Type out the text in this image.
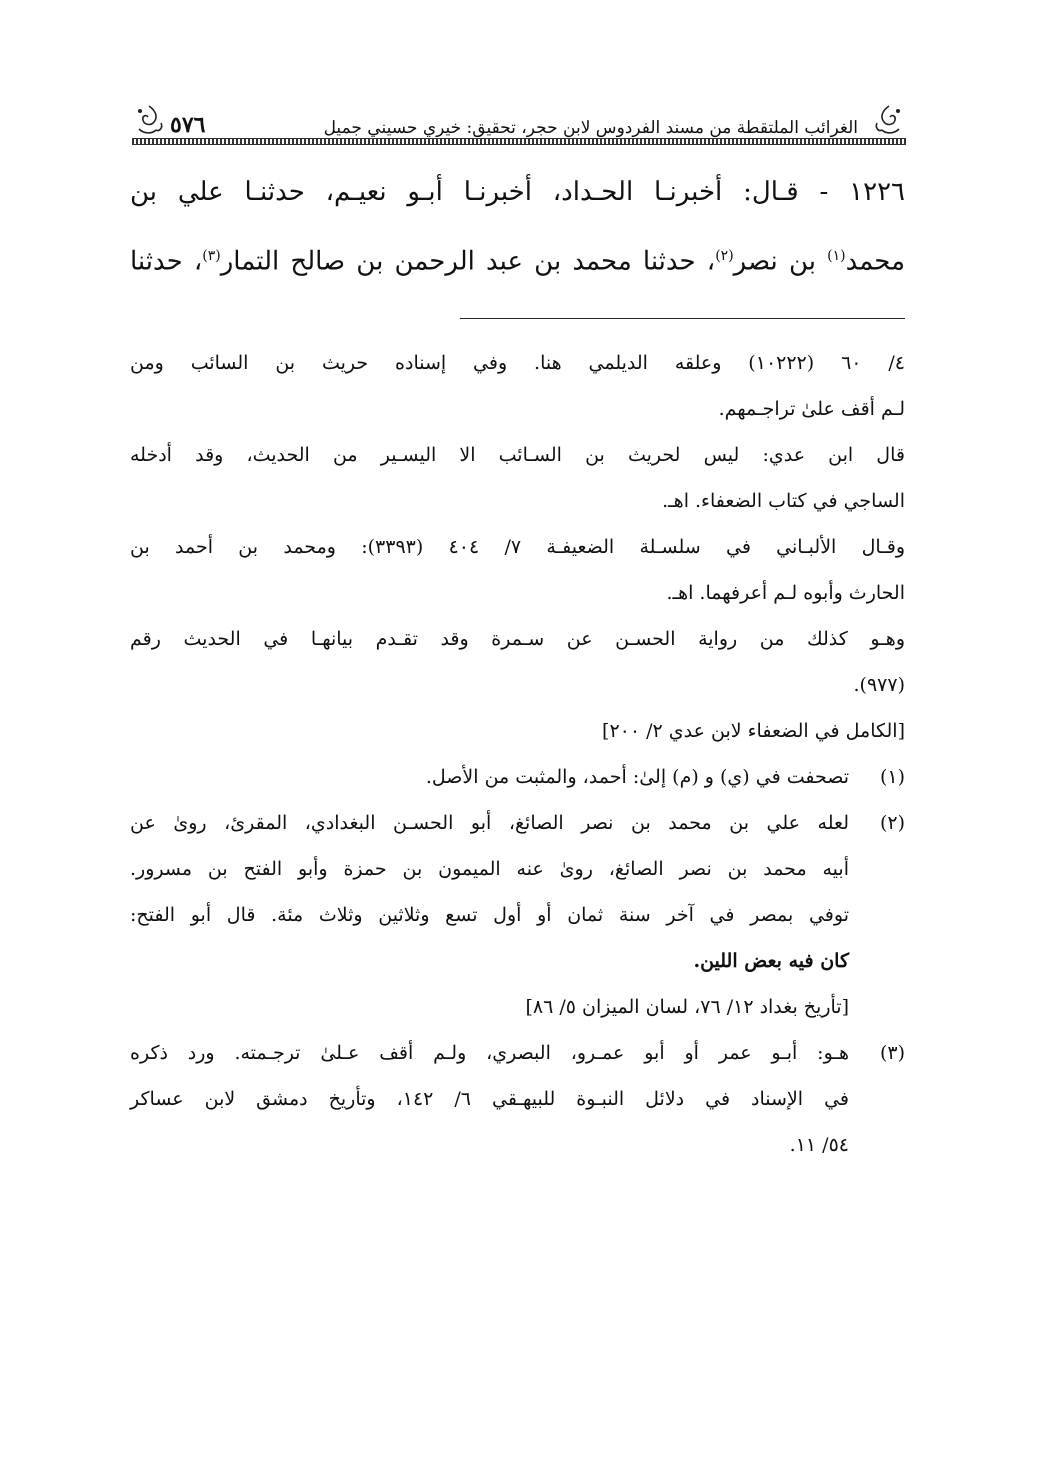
الغرائب الملتقطة من مسند الفردوس لابن حجر، تحقيق: خيري حسيني جميل
٥٧٦

١٢٢٦ - قـال: أخبرنـا الحـداد، أخبرنـا أبـو نعيـم، حدثنـا علي بن

محمد$^{(١)}$ بن نصر$^{(٢)}$، حدثنا محمد بن عبد الرحمن بن صالح التمار$^{(٣)}$، حدثنا

٤/ ٦٠ (١٠٢٢٢) وعلقه الديلمي هنا. وفي إسناده حريث بن السائب ومن
لـم أقف علىٰ تراجـمهم.

قال ابن عدي: ليس لحريث بن السـائب الا اليسـير من الحديث، وقد أدخله
الساجي في كتاب الضعفاء. اهـ.

وقـال الألبـاني في سلسـلة الضعيفـة ٧/ ٤٠٤ (٣٣٩٣): ومحمد بن أحمد بن
الحارث وأبوه لـم أعرفهما. اهـ.

وهـو كذلك من رواية الحسـن عن سـمرة وقد تقـدم بيانهـا في الحديث رقم
(٩٧٧).

[الكامل في الضعفاء لابن عدي ٢/ ٢٠٠]

(١)
تصحفت في (ي) و (م) إلىٰ: أحمد، والمثبت من الأصل.
(٢)
لعله علي بن محمد بن نصر الصائغ، أبو الحسـن البغدادي، المقرئ، روىٰ عن
أبيه محمد بن نصر الصائغ، روىٰ عنه الميمون بن حمزة وأبو الفتح بن مسرور.
توفي بمصر في آخر سنة ثمان أو أول تسع وثلاثين وثلاث مئة. قال أبو الفتح:
كان فيه بعض اللين.
[تأريخ بغداد ١٢/ ٧٦، لسان الميزان ٥/ ٨٦]
(٣)
هـو: أبـو عمر أو أبو عمـرو، البصري، ولـم أقف عـلىٰ ترجـمته. ورد ذكره
في الإسناد في دلائل النبـوة للبيهـقي ٦/ ١٤٢، وتأريخ دمشق لابن عساكر
٥٤/ ١١.
